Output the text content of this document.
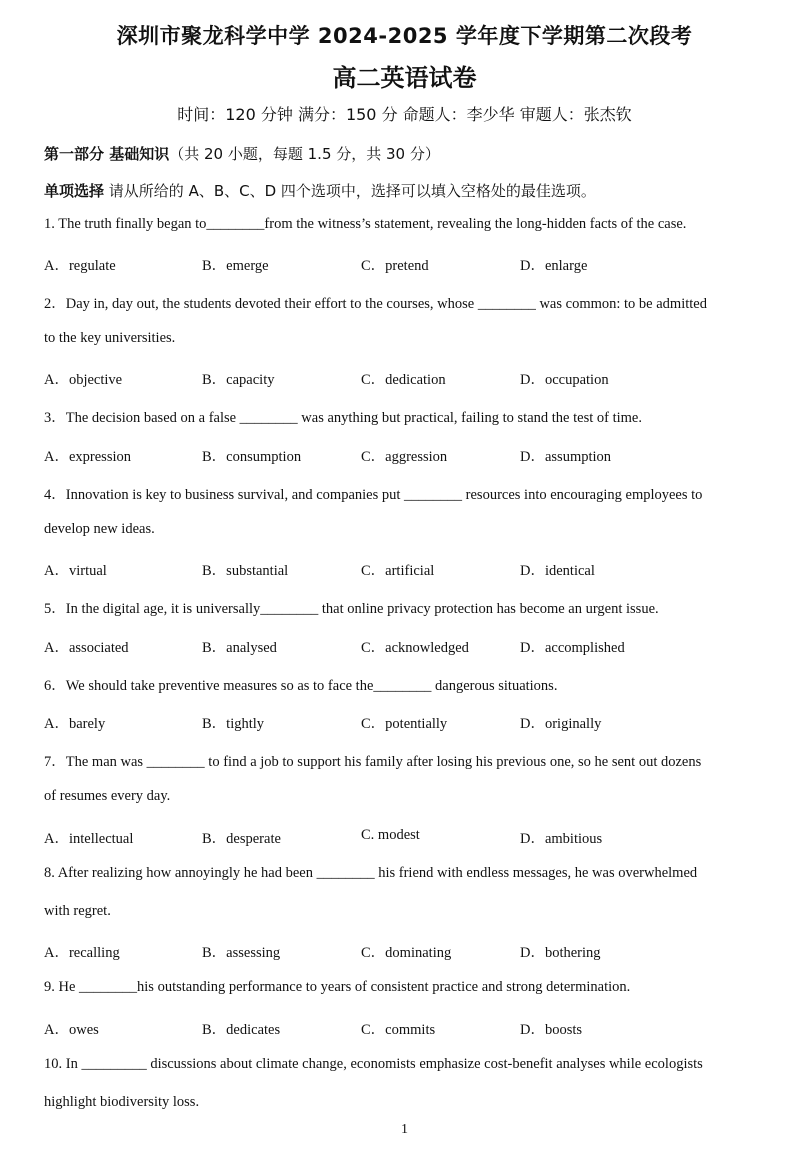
深圳市聚龙科学中学 2024-2025 学年度下学期第二次段考
高二英语试卷
时间：120 分钟 满分：150 分 命题人：李少华 审题人：张杰钦
第一部分 基础知识（共 20 小题，每题 1.5 分，共 30 分）
单项选择 请从所给的 A、B、C、D 四个选项中，选择可以填入空格处的最佳选项。
1. The truth finally began to________from the witness’s statement, revealing the long-hidden facts of the case.
A．regulate	B．emerge	C．pretend	D．enlarge
2．Day in, day out, the students devoted their effort to the courses, whose ________ was common: to be admitted
to the key universities.
A．objective	B．capacity	C．dedication	D．occupation
3．The decision based on a false ________ was anything but practical, failing to stand the test of time.
A．expression	B．consumption	C．aggression	D．assumption
4．Innovation is key to business survival, and companies put ________ resources into encouraging employees to
develop new ideas.
A．virtual	B．substantial	C．artificial	D．identical
5．In the digital age, it is universally________ that online privacy protection has become an urgent issue.
A．associated	B．analysed	C．acknowledged	D．accomplished
6．We should take preventive measures so as to face the________ dangerous situations.
A．barely	B．tightly	C．potentially	D．originally
7．The man was ________ to find a job to support his family after losing his previous one, so he sent out dozens
of resumes every day.
A．intellectual	B．desperate	C. modest	D．ambitious
8. After realizing how annoyingly he had been ________ his friend with endless messages, he was overwhelmed
with regret.
A．recalling	B．assessing	C．dominating	D．bothering
9. He ________his outstanding performance to years of consistent practice and strong determination.
A．owes	B．dedicates	C．commits	D．boosts
10. In _________ discussions about climate change, economists emphasize cost-benefit analyses while ecologists
highlight biodiversity loss.
1
